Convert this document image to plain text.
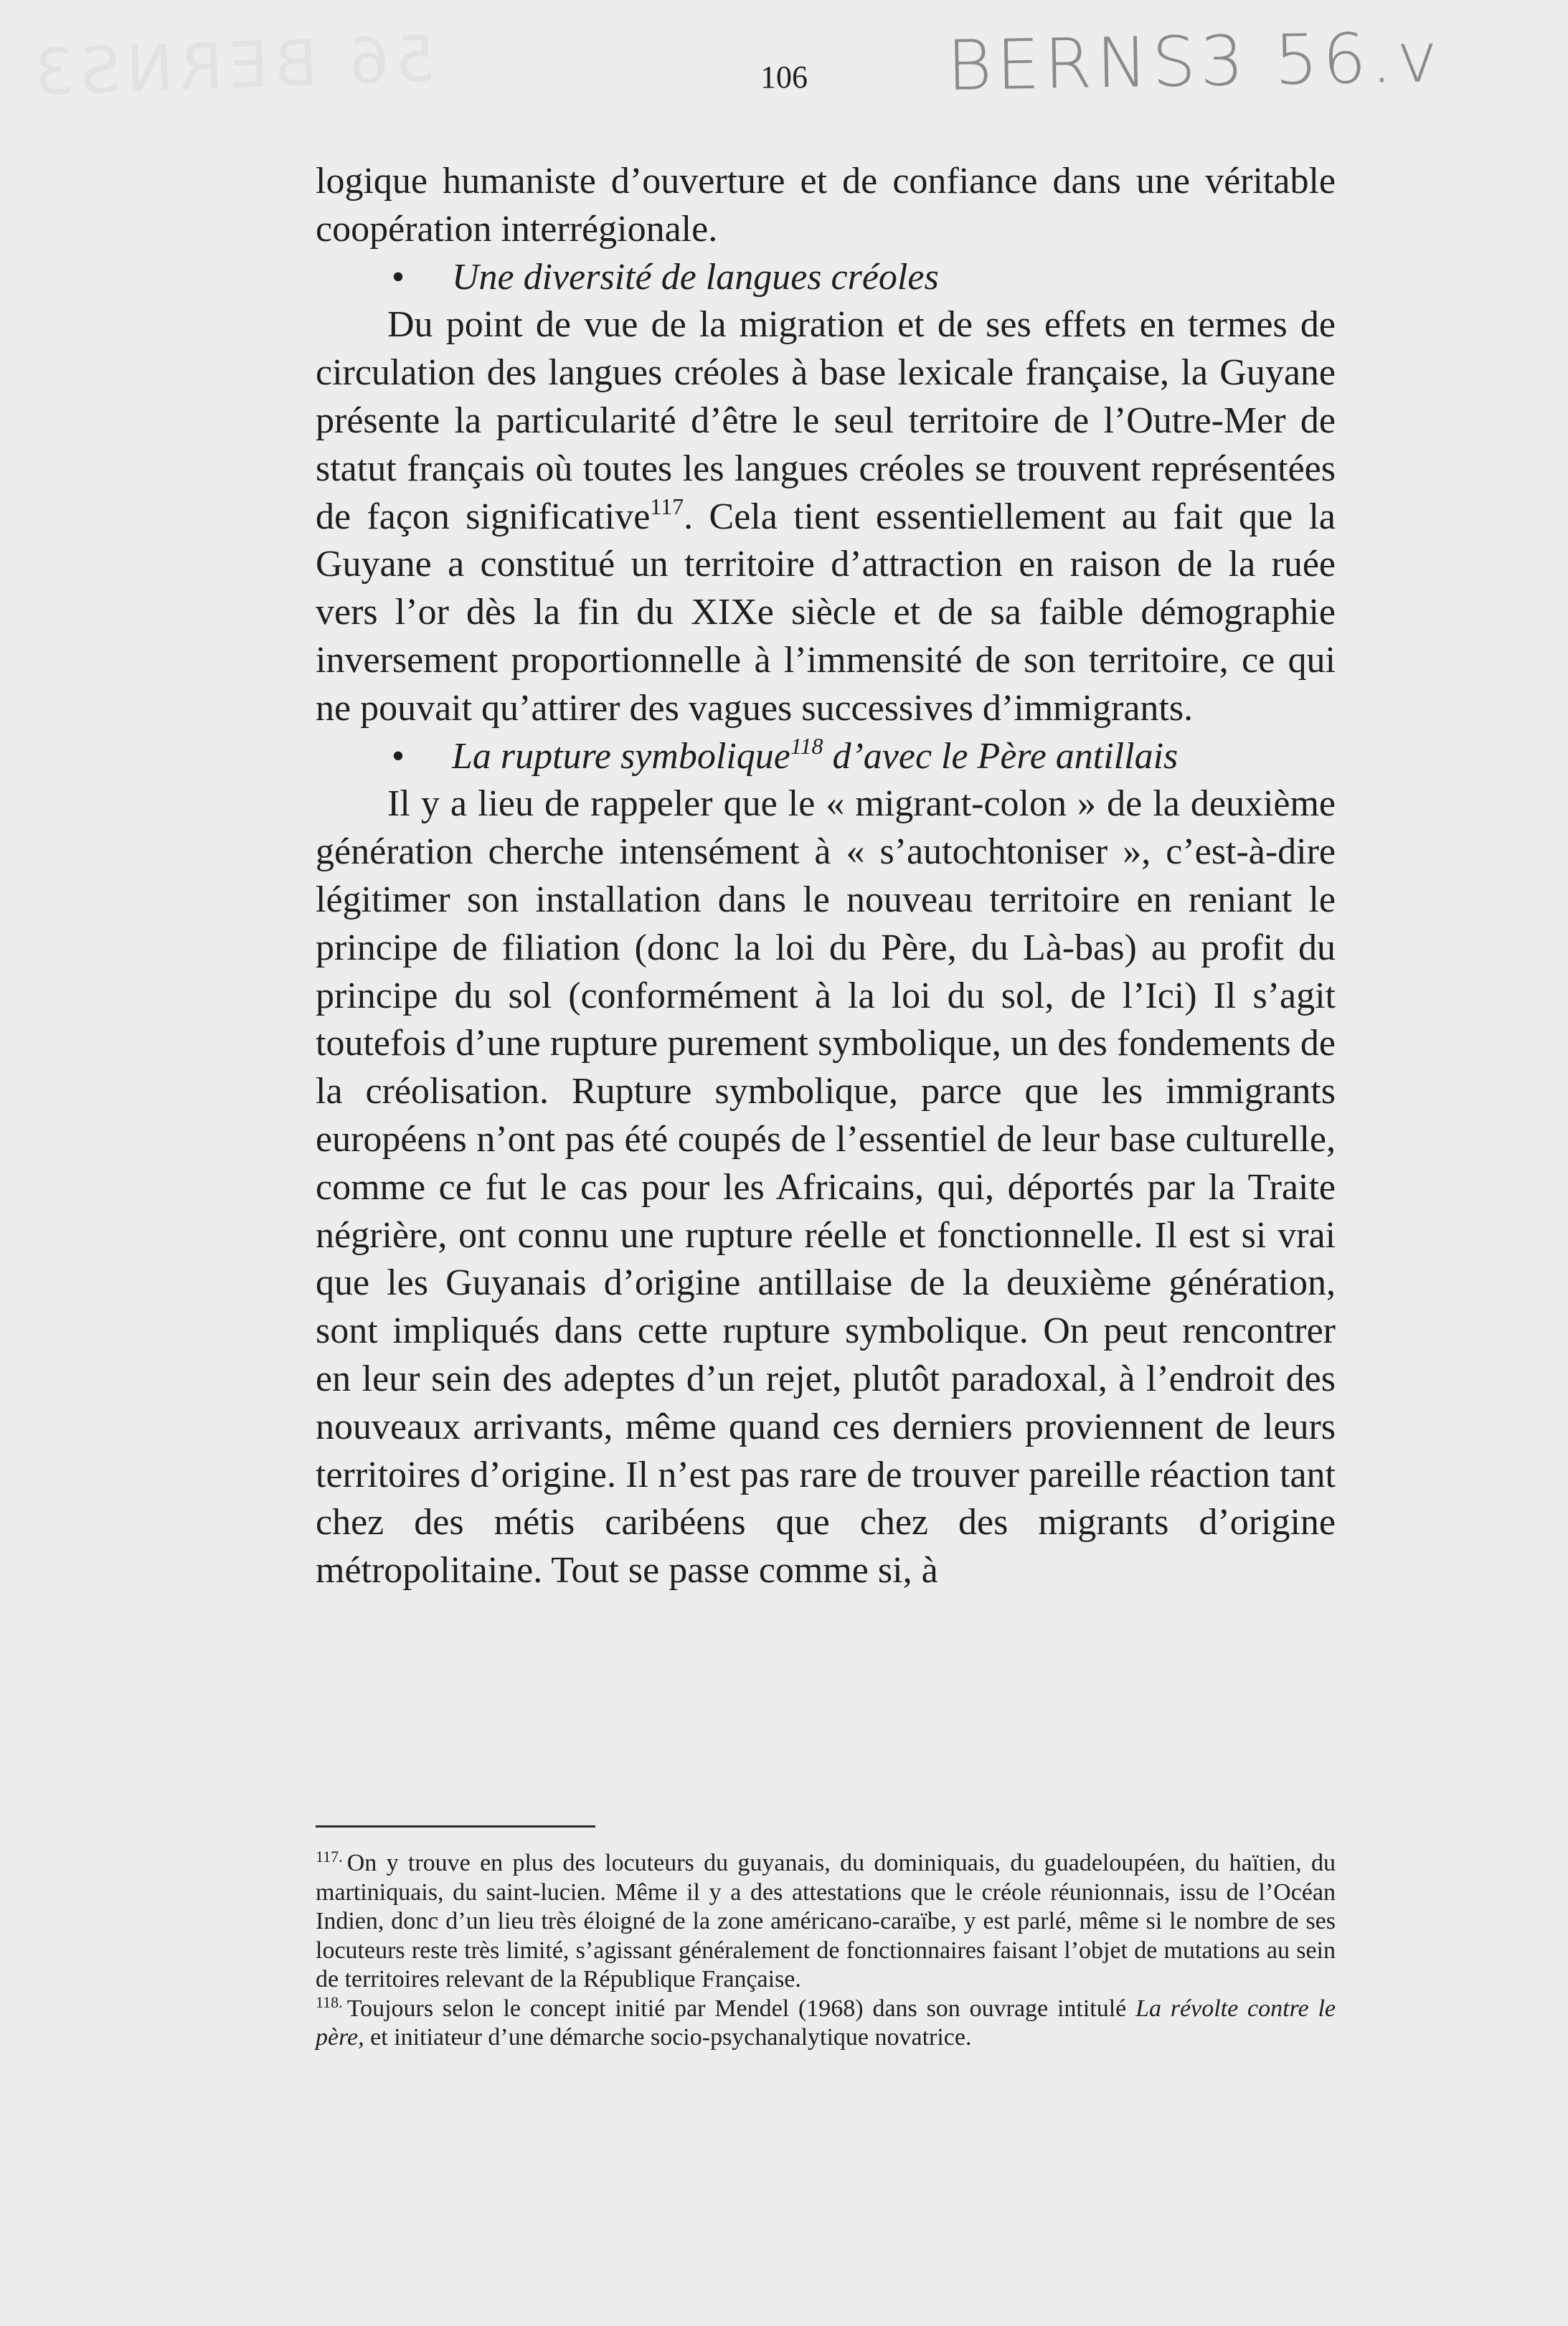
56 BERNS3	BERNS3 56.v
106

logique humaniste d’ouverture et de confiance dans une véritable coopération interrégionale.

• Une diversité de langues créoles

Du point de vue de la migration et de ses effets en termes de circulation des langues créoles à base lexicale française, la Guyane présente la particularité d’être le seul territoire de l’Outre-Mer de statut français où toutes les langues créoles se trouvent représentées de façon significative$^{117}$. Cela tient essentiellement au fait que la Guyane a constitué un territoire d’attraction en raison de la ruée vers l’or dès la fin du XIXe siècle et de sa faible démographie inversement proportionnelle à l’immensité de son territoire, ce qui ne pouvait qu’attirer des vagues successives d’immigrants.

• La rupture symbolique$^{118}$ d’avec le Père antillais

Il y a lieu de rappeler que le « migrant-colon » de la deuxième génération cherche intensément à « s’autochtoniser », c’est-à-dire légitimer son installation dans le nouveau territoire en reniant le principe de filiation (donc la loi du Père, du Là-bas) au profit du principe du sol (conformément à la loi du sol, de l’Ici) Il s’agit toutefois d’une rupture purement symbolique, un des fondements de la créolisation. Rupture symbolique, parce que les immigrants européens n’ont pas été coupés de l’essentiel de leur base culturelle, comme ce fut le cas pour les Africains, qui, déportés par la Traite négrière, ont connu une rupture réelle et fonctionnelle. Il est si vrai que les Guyanais d’origine antillaise de la deuxième génération, sont impliqués dans cette rupture symbolique. On peut rencontrer en leur sein des adeptes d’un rejet, plutôt paradoxal, à l’endroit des nouveaux arrivants, même quand ces derniers proviennent de leurs territoires d’origine. Il n’est pas rare de trouver pareille réaction tant chez des métis caribéens que chez des migrants d’origine métropolitaine. Tout se passe comme si, à

$^{117.}$ On y trouve en plus des locuteurs du guyanais, du dominiquais, du guadeloupéen, du haïtien, du martiniquais, du saint-lucien. Même il y a des attestations que le créole réunionnais, issu de l’Océan Indien, donc d’un lieu très éloigné de la zone américano-caraïbe, y est parlé, même si le nombre de ses locuteurs reste très limité, s’agissant généralement de fonctionnaires faisant l’objet de mutations au sein de territoires relevant de la République Française.

$^{118.}$ Toujours selon le concept initié par Mendel (1968) dans son ouvrage intitulé La révolte contre le père, et initiateur d’une démarche socio-psychanalytique novatrice.
